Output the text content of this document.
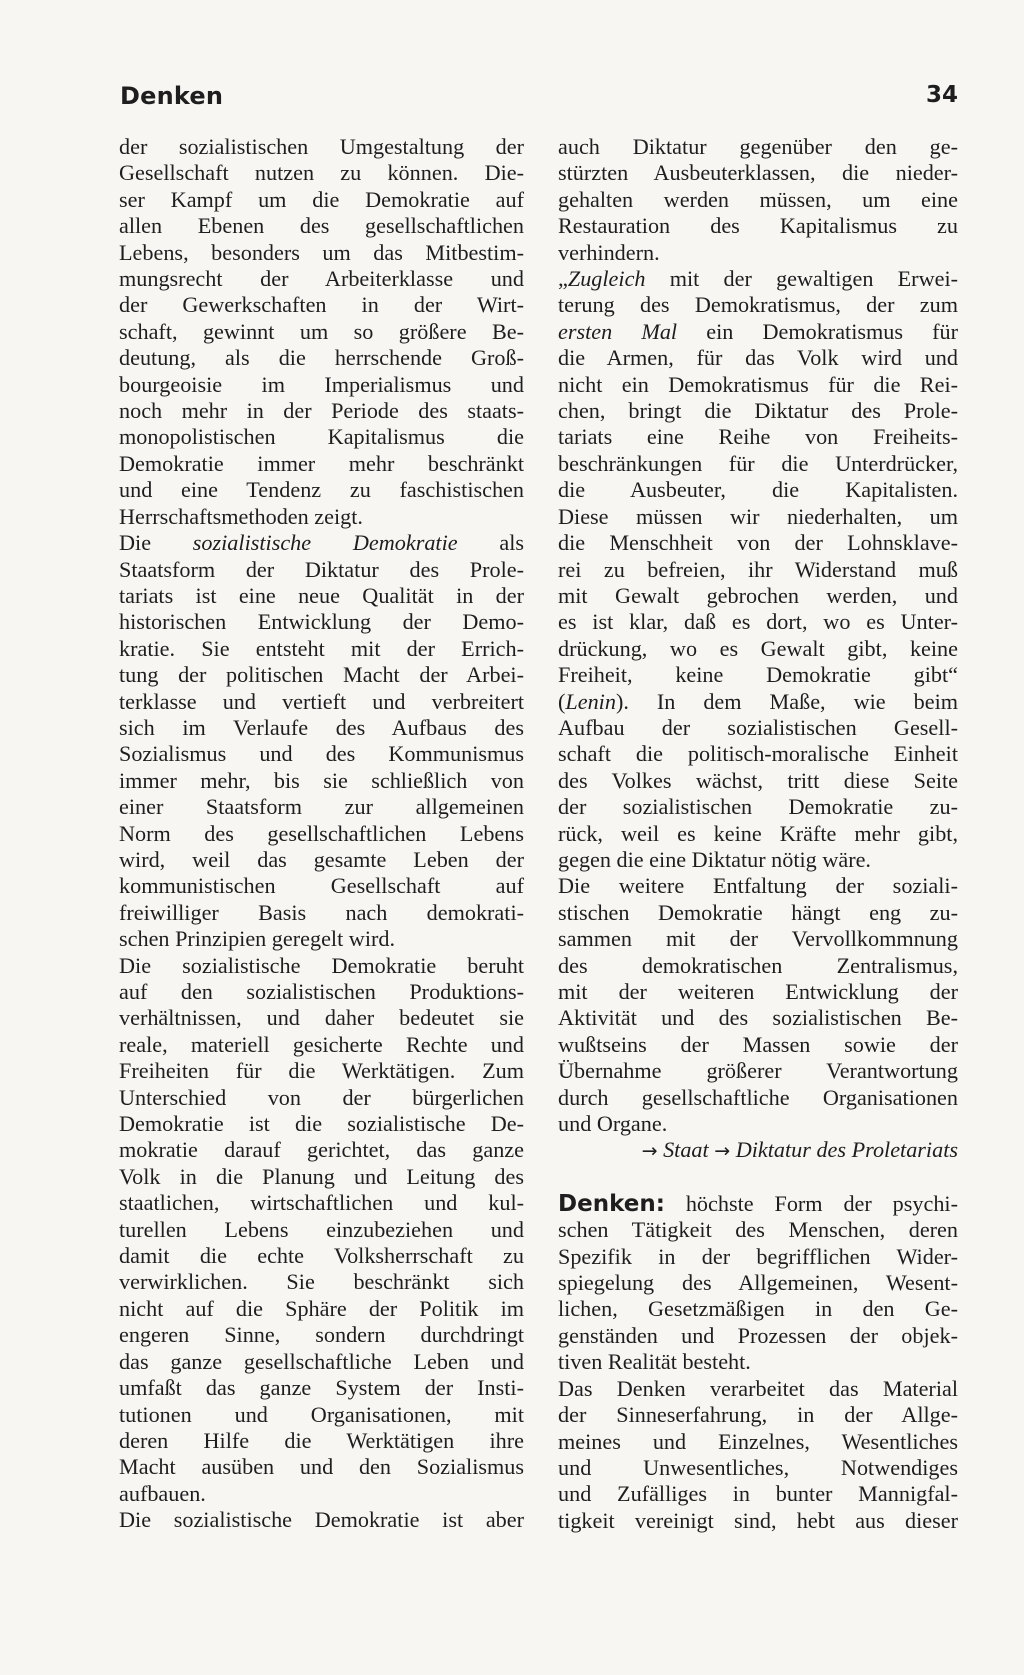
Denken	34

der sozialistischen Umgestaltung der

Gesellschaft nutzen zu können. Die-

ser Kampf um die Demokratie auf

allen Ebenen des gesellschaftlichen

Lebens, besonders um das Mitbestim-

mungsrecht der Arbeiterklasse und

der Gewerkschaften in der Wirt-

schaft, gewinnt um so größere Be-

deutung, als die herrschende Groß-

bourgeoisie im Imperialismus und

noch mehr in der Periode des staats-

monopolistischen Kapitalismus die

Demokratie immer mehr beschränkt

und eine Tendenz zu faschistischen

Herrschaftsmethoden zeigt.

Die sozialistische Demokratie als

Staatsform der Diktatur des Prole-

tariats ist eine neue Qualität in der

historischen Entwicklung der Demo-

kratie. Sie entsteht mit der Errich-

tung der politischen Macht der Arbei-

terklasse und vertieft und verbreitert

sich im Verlaufe des Aufbaus des

Sozialismus und des Kommunismus

immer mehr, bis sie schließlich von

einer Staatsform zur allgemeinen

Norm des gesellschaftlichen Lebens

wird, weil das gesamte Leben der

kommunistischen Gesellschaft auf

freiwilliger Basis nach demokrati-

schen Prinzipien geregelt wird.

Die sozialistische Demokratie beruht

auf den sozialistischen Produktions-

verhältnissen, und daher bedeutet sie

reale, materiell gesicherte Rechte und

Freiheiten für die Werktätigen. Zum

Unterschied von der bürgerlichen

Demokratie ist die sozialistische De-

mokratie darauf gerichtet, das ganze

Volk in die Planung und Leitung des

staatlichen, wirtschaftlichen und kul-

turellen Lebens einzubeziehen und

damit die echte Volksherrschaft zu

verwirklichen. Sie beschränkt sich

nicht auf die Sphäre der Politik im

engeren Sinne, sondern durchdringt

das ganze gesellschaftliche Leben und

umfaßt das ganze System der Insti-

tutionen und Organisationen, mit

deren Hilfe die Werktätigen ihre

Macht ausüben und den Sozialismus

aufbauen.

Die sozialistische Demokratie ist aber

auch Diktatur gegenüber den ge-

stürzten Ausbeuterklassen, die nieder-

gehalten werden müssen, um eine

Restauration des Kapitalismus zu

verhindern.

„Zugleich mit der gewaltigen Erwei-

terung des Demokratismus, der zum

ersten Mal ein Demokratismus für

die Armen, für das Volk wird und

nicht ein Demokratismus für die Rei-

chen, bringt die Diktatur des Prole-

tariats eine Reihe von Freiheits-

beschränkungen für die Unterdrücker,

die Ausbeuter, die Kapitalisten.

Diese müssen wir niederhalten, um

die Menschheit von der Lohnsklave-

rei zu befreien, ihr Widerstand muß

mit Gewalt gebrochen werden, und

es ist klar, daß es dort, wo es Unter-

drückung, wo es Gewalt gibt, keine

Freiheit, keine Demokratie gibt“

(Lenin). In dem Maße, wie beim

Aufbau der sozialistischen Gesell-

schaft die politisch-moralische Einheit

des Volkes wächst, tritt diese Seite

der sozialistischen Demokratie zu-

rück, weil es keine Kräfte mehr gibt,

gegen die eine Diktatur nötig wäre.

Die weitere Entfaltung der soziali-

stischen Demokratie hängt eng zu-

sammen mit der Vervollkommnung

des demokratischen Zentralismus,

mit der weiteren Entwicklung der

Aktivität und des sozialistischen Be-

wußtseins der Massen sowie der

Übernahme größerer Verantwortung

durch gesellschaftliche Organisationen

und Organe.

→ Staat → Diktatur des Proletariats

Denken: höchste Form der psychi-

schen Tätigkeit des Menschen, deren

Spezifik in der begrifflichen Wider-

spiegelung des Allgemeinen, Wesent-

lichen, Gesetzmäßigen in den Ge-

genständen und Prozessen der objek-

tiven Realität besteht.

Das Denken verarbeitet das Material

der Sinneserfahrung, in der Allge-

meines und Einzelnes, Wesentliches

und Unwesentliches, Notwendiges

und Zufälliges in bunter Mannigfal-

tigkeit vereinigt sind, hebt aus dieser
